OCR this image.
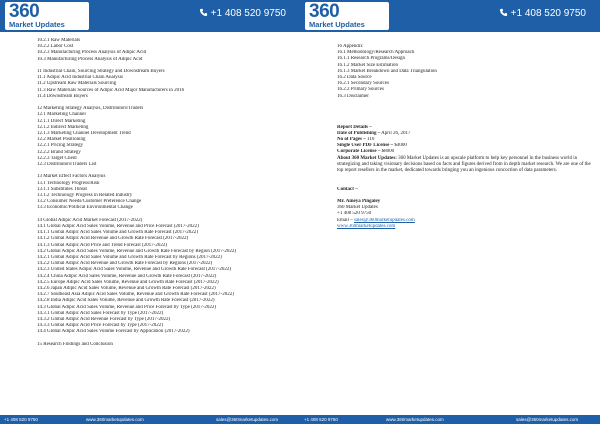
360
Market Updates
+1 408 520 9750
10.2.1 Raw Materials
10.2.2 Labor Cost
10.2.3 Manufacturing Process Analysis of Adipic Acid
10.3 Manufacturing Process Analysis of Adipic Acid
11 Industrial Chain, Sourcing Strategy and Downstream Buyers
11.1 Adipic Acid Industrial Chain Analysis
11.2 Upstream Raw Materials Sourcing
11.3 Raw Materials Sources of Adipic Acid Major Manufacturers in 2016
11.4 Downstream Buyers
12 Marketing Strategy Analysis, Distributors/Traders
12.1 Marketing Channel
12.1.1 Direct Marketing
12.1.2 Indirect Marketing
12.1.3 Marketing Channel Development Trend
12.2 Market Positioning
12.2.1 Pricing Strategy
12.2.2 Brand Strategy
12.2.3 Target Client
12.3 Distributors/Traders List
13 Market Effect Factors Analysis
13.1 Technology Progress/Risk
13.1.1 Substitutes Threat
13.1.2 Technology Progress in Related Industry
13.2 Consumer Needs/Customer Preference Change
13.3 Economic/Political Environmental Change
14 Global Adipic Acid Market Forecast (2017-2022)
14.1 Global Adipic Acid Sales Volume, Revenue and Price Forecast (2017-2022)
14.1.1 Global Adipic Acid Sales Volume and Growth Rate Forecast (2017-2022)
14.1.2 Global Adipic Acid Revenue and Growth Rate Forecast (2017-2022)
14.1.3 Global Adipic Acid Price and Trend Forecast (2017-2022)
14.2 Global Adipic Acid Sales Volume, Revenue and Growth Rate Forecast by Region (2017-2022)
14.2.1 Global Adipic Acid Sales Volume and Growth Rate Forecast by Regions (2017-2022)
14.2.2 Global Adipic Acid Revenue and Growth Rate Forecast by Regions (2017-2022)
14.2.3 United States Adipic Acid Sales Volume, Revenue and Growth Rate Forecast (2017-2022)
14.2.4 China Adipic Acid Sales Volume, Revenue and Growth Rate Forecast (2017-2022)
14.2.5 Europe Adipic Acid Sales Volume, Revenue and Growth Rate Forecast (2017-2022)
14.2.6 Japan Adipic Acid Sales Volume, Revenue and Growth Rate Forecast (2017-2022)
14.2.7 Southeast Asia Adipic Acid Sales Volume, Revenue and Growth Rate Forecast (2017-2022)
14.2.8 India Adipic Acid Sales Volume, Revenue and Growth Rate Forecast (2017-2022)
14.3 Global Adipic Acid Sales Volume, Revenue and Price Forecast by Type (2017-2022)
14.3.1 Global Adipic Acid Sales Forecast by Type (2017-2022)
14.3.2 Global Adipic Acid Revenue Forecast by Type (2017-2022)
14.3.3 Global Adipic Acid Price Forecast by Type (2017-2022)
14.4 Global Adipic Acid Sales Volume Forecast by Application (2017-2022)
15 Research Findings and Conclusion
+1 408 520 9750	www.360marketupdates.com	sales@360marketupdates.com
360
Market Updates
+1 408 520 9750
16 Appendix
16.1 Methodology/Research Approach
16.1.1 Research Programs/Design
16.1.2 Market Size Estimation
16.1.3 Market Breakdown and Data Triangulation
16.2 Data Source
16.2.1 Secondary Sources
16.2.2 Primary Sources
16.3 Disclaimer
Report Details –
Date of Publishing – April 26, 2017
No of Pages – 110
Single User PDF License – $4000
Corporate License – $8000
About 360 Market Updates: 360 Market Updates is an upscale platform to help key personnel in the business world in strategizing and taking visionary decisions based on facts and figures derived from in depth market research. We are one of the top report resellers in the market, dedicated towards bringing you an ingenious concoction of data parameters.
Contact –
Mr. Ameya Pingaley
360 Market Updates
+1 408 520 9750
Email – sales@360marketupdates.com
www.360marketupdates.com
+1 408 520 9750	www.360marketupdates.com	sales@360marketupdates.com
